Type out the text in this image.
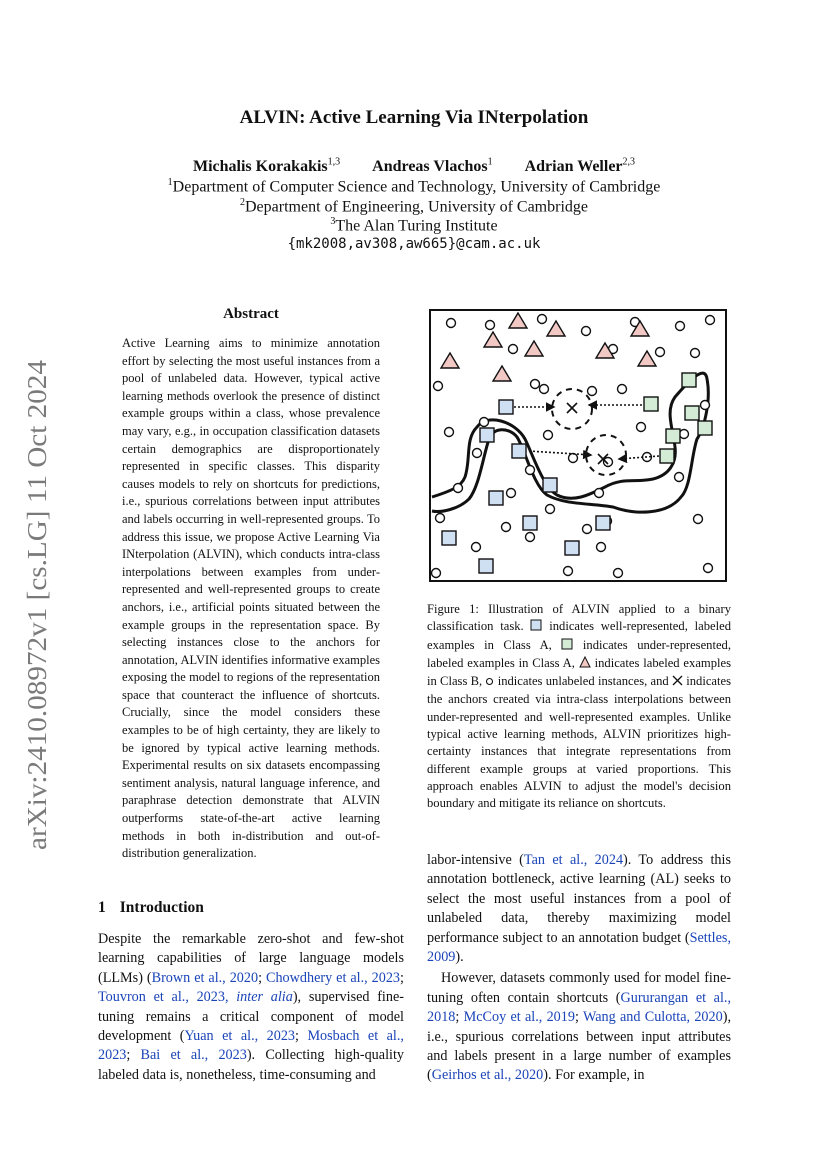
arXiv:2410.08972v1 [cs.LG] 11 Oct 2024
ALVIN: Active Learning Via INterpolation
Michalis Korakakis$^{1,3}$ Andreas Vlachos$^1$ Adrian Weller$^{2,3}$
$^1$Department of Computer Science and Technology, University of Cambridge
$^2$Department of Engineering, University of Cambridge
$^3$The Alan Turing Institute
{mk2008,av308,aw665}@cam.ac.uk
Abstract
Active Learning aims to minimize annotation effort by selecting the most useful instances from a pool of unlabeled data. However, typical active learning methods overlook the presence of distinct example groups within a class, whose prevalence may vary, e.g., in occupation classification datasets certain demographics are disproportionately represented in specific classes. This disparity causes models to rely on shortcuts for predictions, i.e., spurious correlations between input attributes and labels occurring in well-represented groups. To address this issue, we propose Active Learning Via INterpolation (ALVIN), which conducts intra-class interpolations between examples from under-represented and well-represented groups to create anchors, i.e., artificial points situated between the example groups in the representation space. By selecting instances close to the anchors for annotation, ALVIN identifies informative examples exposing the model to regions of the representation space that counteract the influence of shortcuts. Crucially, since the model considers these examples to be of high certainty, they are likely to be ignored by typical active learning methods. Experimental results on six datasets encompassing sentiment analysis, natural language inference, and paraphrase detection demonstrate that ALVIN outperforms state-of-the-art active learning methods in both in-distribution and out-of-distribution generalization.
1 Introduction
Despite the remarkable zero-shot and few-shot learning capabilities of large language models (LLMs) (Brown et al., 2020; Chowdhery et al., 2023; Touvron et al., 2023, inter alia), supervised fine-tuning remains a critical component of model development (Yuan et al., 2023; Mosbach et al., 2023; Bai et al., 2023). Collecting high-quality labeled data is, nonetheless, time-consuming and
Figure 1: Illustration of ALVIN applied to a binary classification task.  indicates well-represented, labeled examples in Class A,  indicates under-represented, labeled examples in Class A,  indicates labeled examples in Class B,  indicates unlabeled instances, and  indicates the anchors created via intra-class interpolations between under-represented and well-represented examples. Unlike typical active learning methods, ALVIN prioritizes high-certainty instances that integrate representations from different example groups at varied proportions. This approach enables ALVIN to adjust the model's decision boundary and mitigate its reliance on shortcuts.

labor-intensive (Tan et al., 2024). To address this annotation bottleneck, active learning (AL) seeks to select the most useful instances from a pool of unlabeled data, thereby maximizing model performance subject to an annotation budget (Settles, 2009).

However, datasets commonly used for model fine-tuning often contain shortcuts (Gururangan et al., 2018; McCoy et al., 2019; Wang and Culotta, 2020), i.e., spurious correlations between input attributes and labels present in a large number of examples (Geirhos et al., 2020). For example, in
